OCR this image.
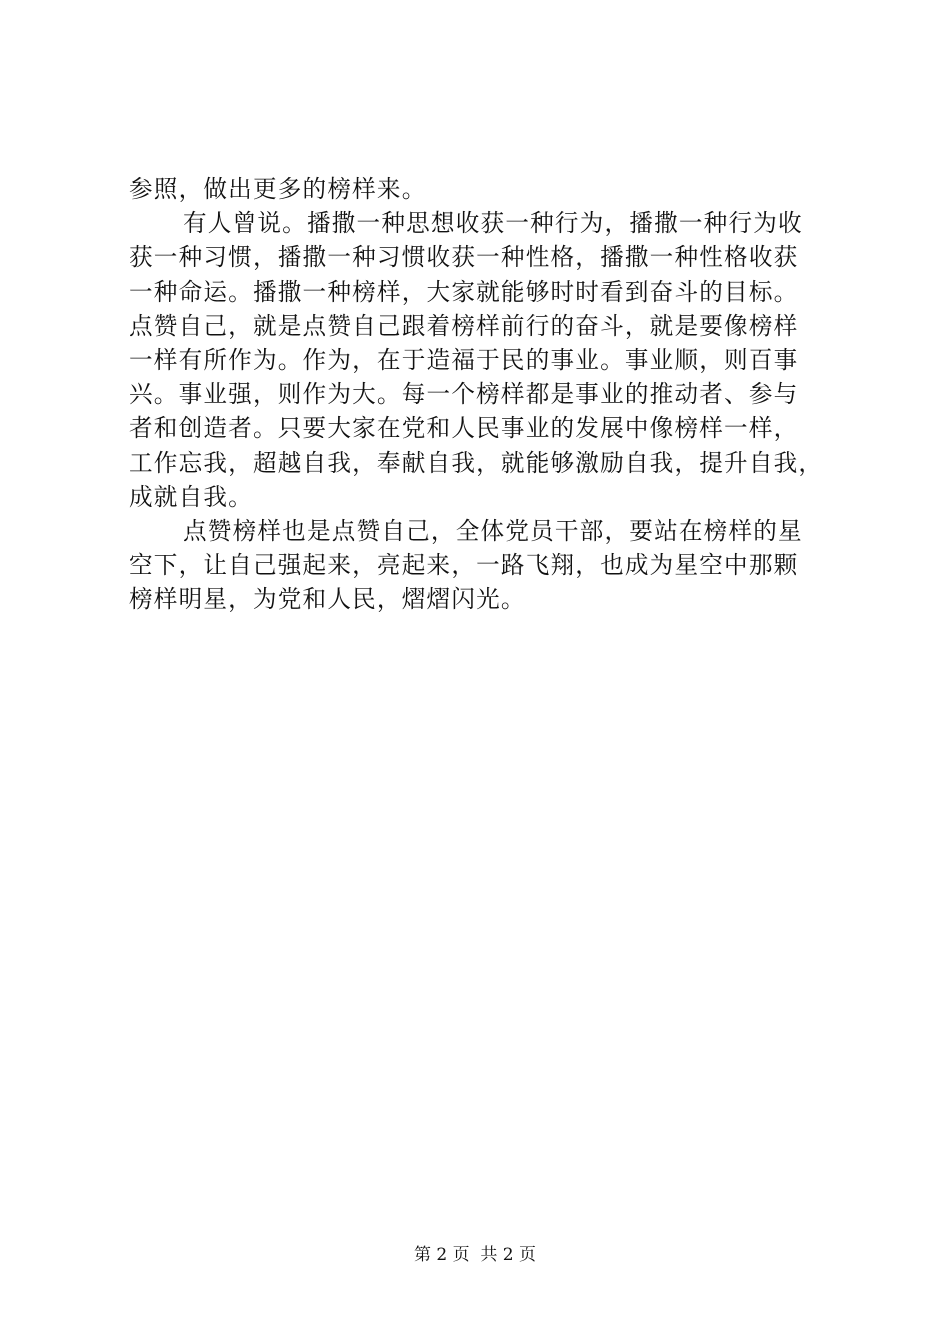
参照，做出更多的榜样来。
有人曾说。播撒一种思想收获一种行为，播撒一种行为收
获一种习惯，播撒一种习惯收获一种性格，播撒一种性格收获
一种命运。播撒一种榜样，大家就能够时时看到奋斗的目标。
点赞自己，就是点赞自己跟着榜样前行的奋斗，就是要像榜样
一样有所作为。作为，在于造福于民的事业。事业顺，则百事
兴。事业强，则作为大。每一个榜样都是事业的推动者、参与
者和创造者。只要大家在党和人民事业的发展中像榜样一样，
工作忘我，超越自我，奉献自我，就能够激励自我，提升自我，
成就自我。
点赞榜样也是点赞自己，全体党员干部，要站在榜样的星
空下，让自己强起来，亮起来，一路飞翔，也成为星空中那颗
榜样明星，为党和人民，熠熠闪光。
第 2 页  共 2 页
